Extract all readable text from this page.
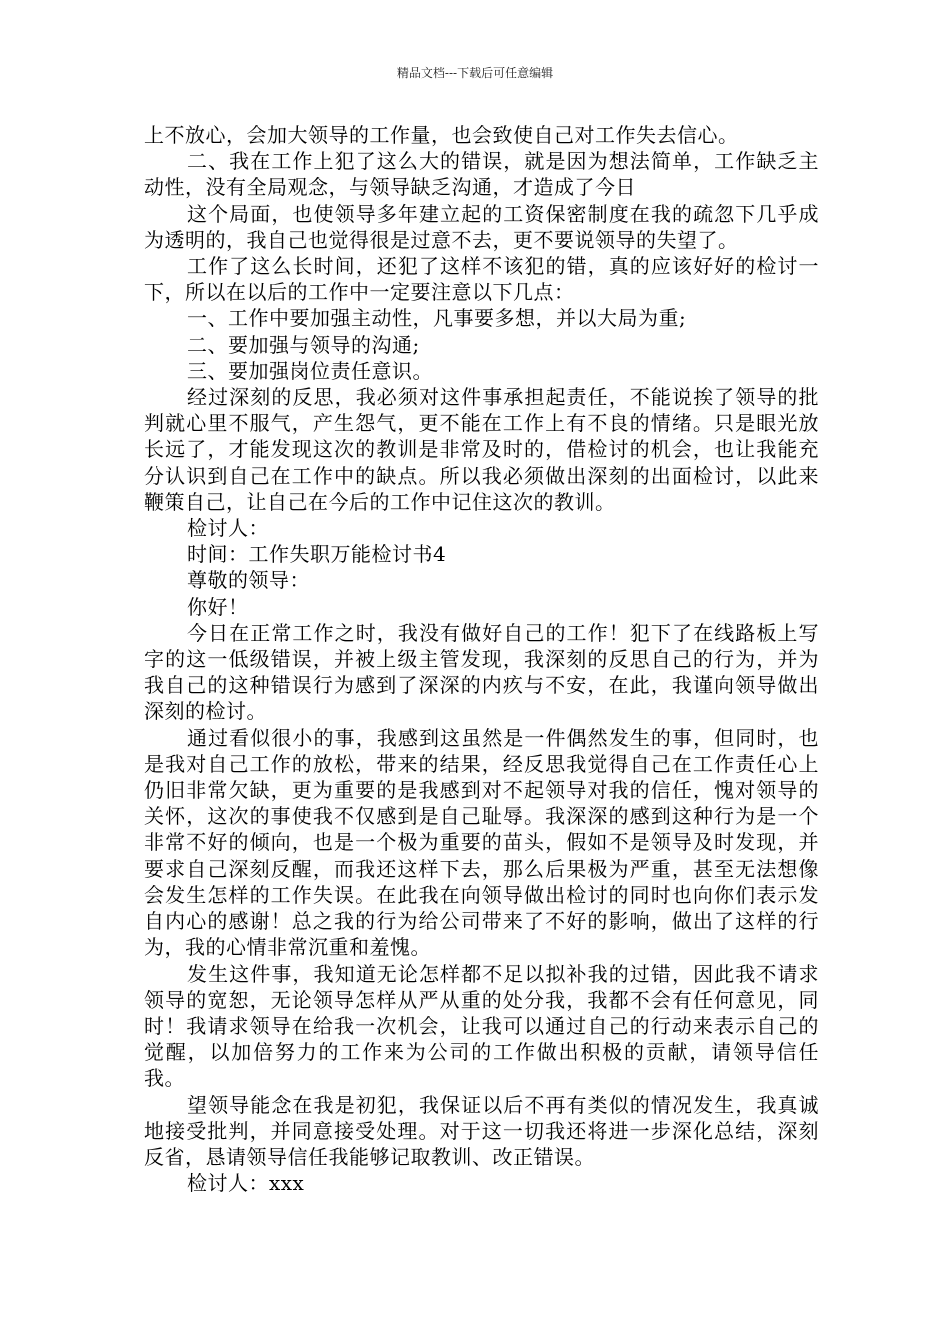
精品文档---下载后可任意编辑

上不放心，会加大领导的工作量，也会致使自己对工作失去信心。

二、我在工作上犯了这么大的错误，就是因为想法简单，工作缺乏主动性，没有全局观念，与领导缺乏沟通，才造成了今日

这个局面，也使领导多年建立起的工资保密制度在我的疏忽下几乎成为透明的，我自己也觉得很是过意不去，更不要说领导的失望了。

工作了这么长时间，还犯了这样不该犯的错，真的应该好好的检讨一下，所以在以后的工作中一定要注意以下几点：

一、工作中要加强主动性，凡事要多想，并以大局为重;

二、要加强与领导的沟通;

三、要加强岗位责任意识。

经过深刻的反思，我必须对这件事承担起责任，不能说挨了领导的批判就心里不服气，产生怨气，更不能在工作上有不良的情绪。只是眼光放长远了，才能发现这次的教训是非常及时的，借检讨的机会，也让我能充分认识到自己在工作中的缺点。所以我必须做出深刻的出面检讨，以此来鞭策自己，让自己在今后的工作中记住这次的教训。

检讨人：

时间：工作失职万能检讨书4

尊敬的领导：

你好！

今日在正常工作之时，我没有做好自己的工作！犯下了在线路板上写字的这一低级错误，并被上级主管发现，我深刻的反思自己的行为，并为我自己的这种错误行为感到了深深的内疚与不安，在此，我谨向领导做出深刻的检讨。

通过看似很小的事，我感到这虽然是一件偶然发生的事，但同时，也是我对自己工作的放松，带来的结果，经反思我觉得自己在工作责任心上仍旧非常欠缺，更为重要的是我感到对不起领导对我的信任，愧对领导的关怀，这次的事使我不仅感到是自己耻辱。我深深的感到这种行为是一个非常不好的倾向，也是一个极为重要的苗头，假如不是领导及时发现，并要求自己深刻反醒，而我还这样下去，那么后果极为严重，甚至无法想像会发生怎样的工作失误。在此我在向领导做出检讨的同时也向你们表示发自内心的感谢！总之我的行为给公司带来了不好的影响，做出了这样的行为，我的心情非常沉重和羞愧。

发生这件事，我知道无论怎样都不足以拟补我的过错，因此我不请求领导的宽恕，无论领导怎样从严从重的处分我，我都不会有任何意见，同时！我请求领导在给我一次机会，让我可以通过自己的行动来表示自己的觉醒，以加倍努力的工作来为公司的工作做出积极的贡献，请领导信任我。

望领导能念在我是初犯，我保证以后不再有类似的情况发生，我真诚地接受批判，并同意接受处理。对于这一切我还将进一步深化总结，深刻反省，恳请领导信任我能够记取教训、改正错误。

检讨人：xxx
